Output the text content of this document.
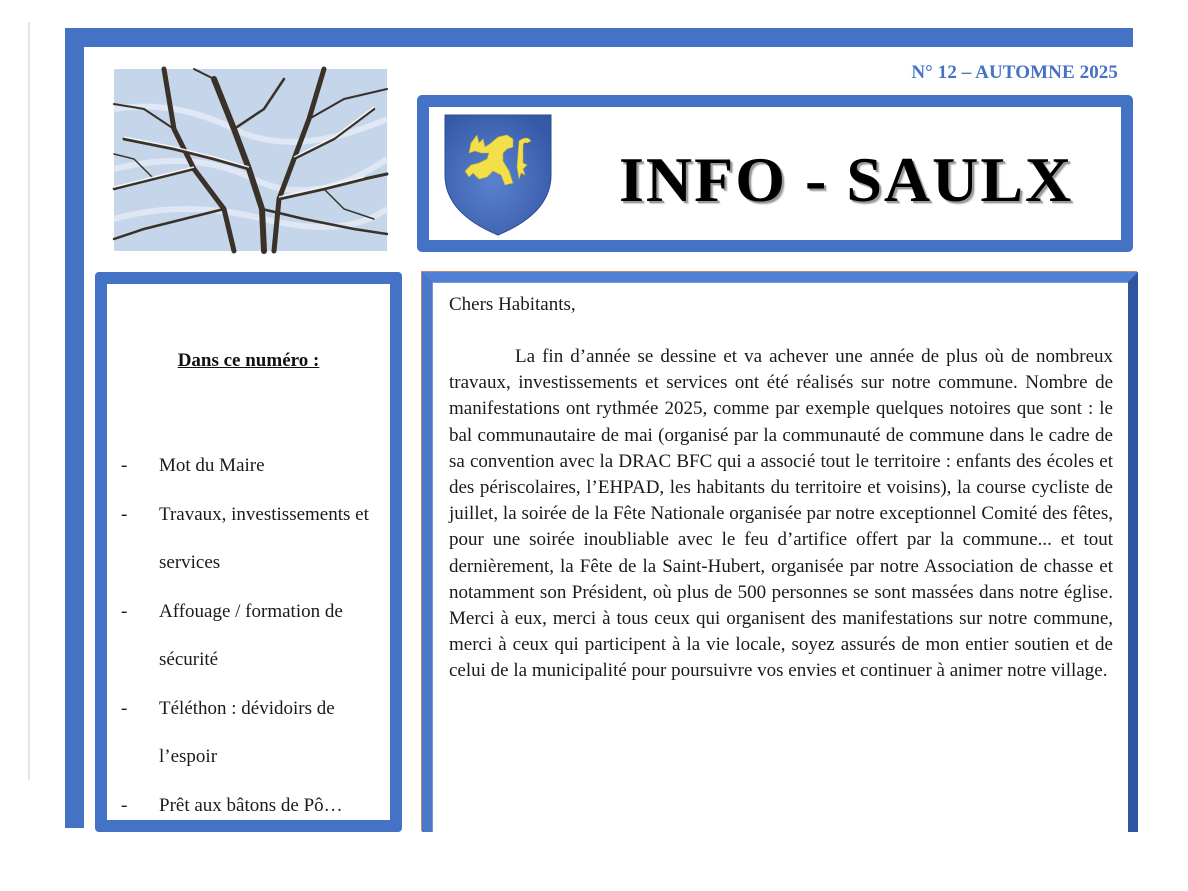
N° 12 – AUTOMNE 2025
INFO - SAULX
Dans ce numéro :
- Mot du Maire
- Travaux, investissements et services
- Affouage / formation de sécurité
- Téléthon : dévidoirs de l’espoir
- Prêt aux bâtons de Pô…

Chers Habitants,

La fin d’année se dessine et va achever une année de plus où de nombreux travaux, investissements et services ont été réalisés sur notre commune. Nombre de manifestations ont rythmée 2025, comme par exemple quelques notoires que sont : le bal communautaire de mai (organisé par la communauté de commune dans le cadre de sa convention avec la DRAC BFC qui a associé tout le territoire : enfants des écoles et des périscolaires, l’EHPAD, les habitants du territoire et voisins), la course cycliste de juillet, la soirée de la Fête Nationale organisée par notre exceptionnel Comité des fêtes, pour une soirée inoubliable avec le feu d’artifice offert par la commune... et tout dernièrement, la Fête de la Saint-Hubert, organisée par notre Association de chasse et notamment son Président, où plus de 500 personnes se sont massées dans notre église. Merci à eux, merci à tous ceux qui organisent des manifestations sur notre commune, merci à ceux qui participent à la vie locale, soyez assurés de mon entier soutien et de celui de la municipalité pour poursuivre vos envies et continuer à animer notre village.
